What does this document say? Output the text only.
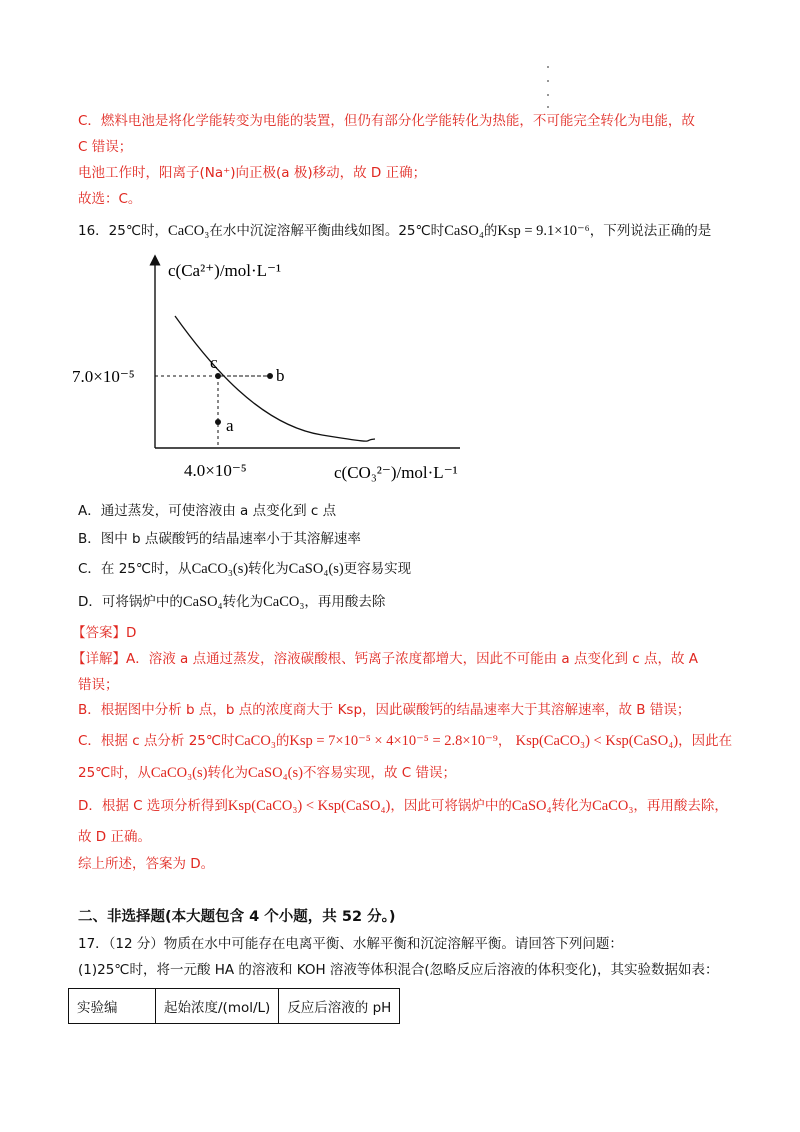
C．燃料电池是将化学能转变为电能的装置，但仍有部分化学能转化为热能，不可能完全转化为电能，故
C 错误；
电池工作时，阳离子(Na⁺)向正极(a 极)移动，故 D 正确；
故选：C。
16．25℃时，CaCO₃在水中沉淀溶解平衡曲线如图。25℃时CaSO₄的Ksp = 9.1×10⁻⁶，下列说法正确的是
c
b
a
c(Ca²⁺)/mol·L⁻¹
7.0×10⁻⁵
4.0×10⁻⁵	c(CO₃²⁻)/mol·L⁻¹
A．通过蒸发，可使溶液由 a 点变化到 c 点
B．图中 b 点碳酸钙的结晶速率小于其溶解速率
C．在 25℃时，从CaCO₃(s)转化为CaSO₄(s)更容易实现
D．可将锅炉中的CaSO₄转化为CaCO₃，再用酸去除
【答案】D
【详解】A．溶液 a 点通过蒸发，溶液碳酸根、钙离子浓度都增大，因此不可能由 a 点变化到 c 点，故 A
错误；
B．根据图中分析 b 点，b 点的浓度商大于 Ksp，因此碳酸钙的结晶速率大于其溶解速率，故 B 错误；
C．根据 c 点分析 25℃时CaCO₃的Ksp = 7×10⁻⁵ × 4×10⁻⁵ = 2.8×10⁻⁹， Ksp(CaCO₃) < Ksp(CaSO₄)，因此在
25℃时，从CaCO₃(s)转化为CaSO₄(s)不容易实现，故 C 错误；
D．根据 C 选项分析得到Ksp(CaCO₃) < Ksp(CaSO₄)，因此可将锅炉中的CaSO₄转化为CaCO₃，再用酸去除，
故 D 正确。
综上所述，答案为 D。
二、非选择题(本大题包含 4 个小题，共 52 分。)
17．（12 分）物质在水中可能存在电离平衡、水解平衡和沉淀溶解平衡。请回答下列问题：
(1)25℃时，将一元酸 HA 的溶液和 KOH 溶液等体积混合(忽略反应后溶液的体积变化)，其实验数据如表：
实验编	起始浓度/(mol/L)	反应后溶液的 pH
